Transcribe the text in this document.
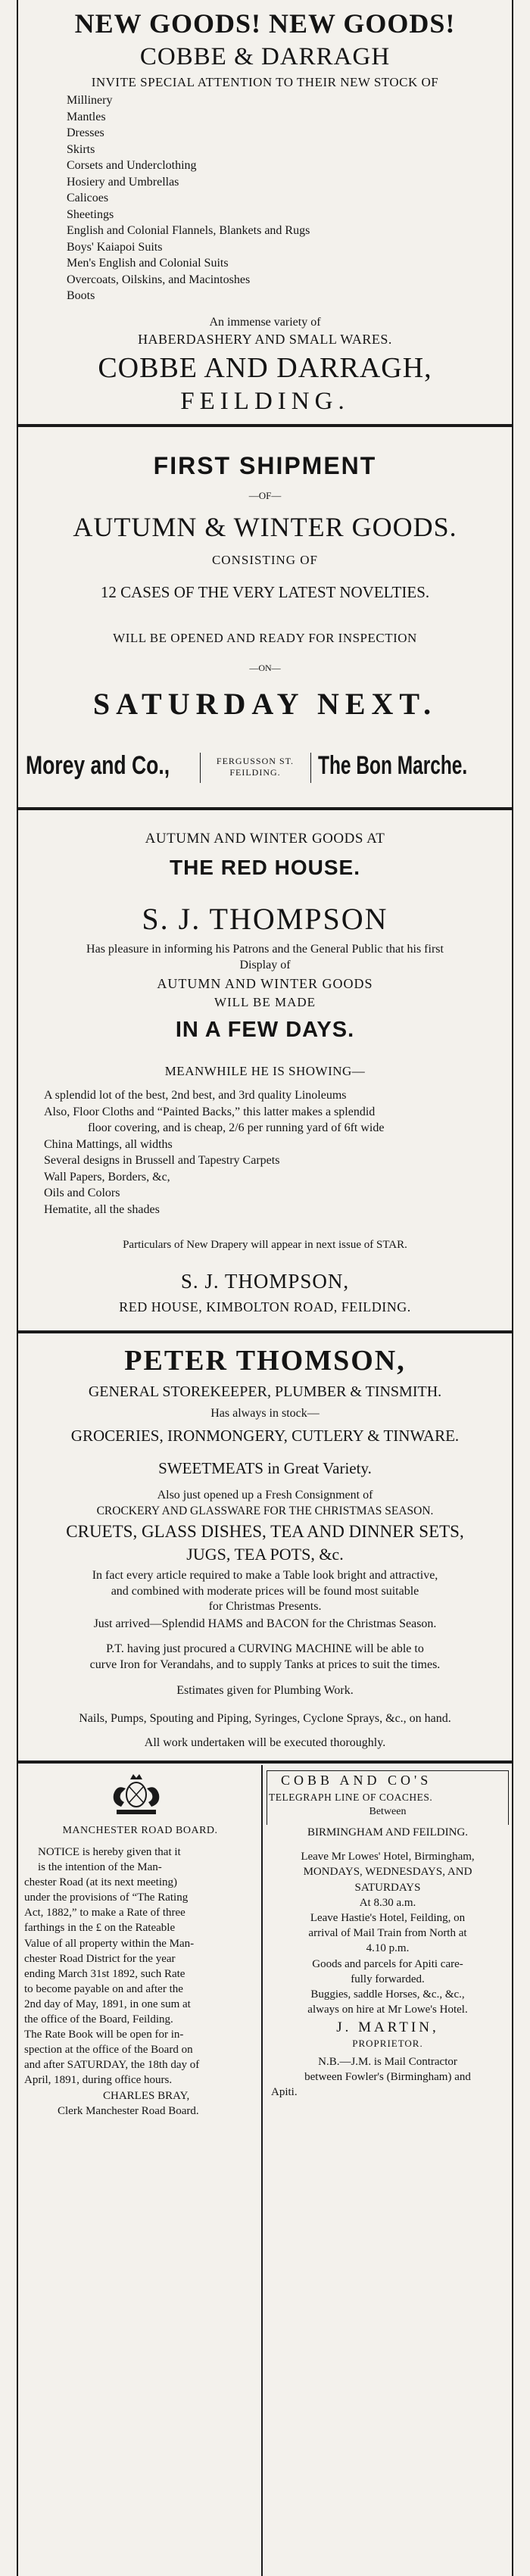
NEW GOODS! NEW GOODS!
COBBE & DARRAGH
INVITE SPECIAL ATTENTION TO THEIR NEW STOCK OF
Millinery
Mantles
Dresses
Skirts
Corsets and Underclothing
Hosiery and Umbrellas
Calicoes
Sheetings
English and Colonial Flannels, Blankets and Rugs
Boys' Kaiapoi Suits
Men's English and Colonial Suits
Overcoats, Oilskins, and Macintoshes
Boots
An immense variety of
HABERDASHERY AND SMALL WARES.
COBBE AND DARRAGH,
FEILDING.
FIRST SHIPMENT
—OF—
AUTUMN & WINTER GOODS.
CONSISTING OF
12 CASES OF THE VERY LATEST NOVELTIES.
WILL BE OPENED AND READY FOR INSPECTION
—ON—
SATURDAY NEXT.
Morey and Co.,	FERGUSSON ST.
FEILDING.	The Bon Marche.
AUTUMN AND WINTER GOODS AT
THE RED HOUSE.
S. J. THOMPSON
Has pleasure in informing his Patrons and the General Public that his first
Display of
AUTUMN AND WINTER GOODS
WILL BE MADE
IN A FEW DAYS.
MEANWHILE HE IS SHOWING—
A splendid lot of the best, 2nd best, and 3rd quality Linoleums
Also, Floor Cloths and “Painted Backs,” this latter makes a splendid
floor covering, and is cheap, 2/6 per running yard of 6ft wide
China Mattings, all widths
Several designs in Brussell and Tapestry Carpets
Wall Papers, Borders, &c,
Oils and Colors
Hematite, all the shades
Particulars of New Drapery will appear in next issue of STAR.
S. J. THOMPSON,
RED HOUSE, KIMBOLTON ROAD, FEILDING.
PETER THOMSON,
GENERAL STOREKEEPER, PLUMBER & TINSMITH.
Has always in stock—
GROCERIES, IRONMONGERY, CUTLERY & TINWARE.
SWEETMEATS in Great Variety.
Also just opened up a Fresh Consignment of
CROCKERY AND GLASSWARE FOR THE CHRISTMAS SEASON.
CRUETS, GLASS DISHES, TEA AND DINNER SETS,
JUGS, TEA POTS, &c.
In fact every article required to make a Table look bright and attractive,
and combined with moderate prices will be found most suitable
for Christmas Presents.
Just arrived—Splendid HAMS and BACON for the Christmas Season.
P.T. having just procured a CURVING MACHINE will be able to
curve Iron for Verandahs, and to supply Tanks at prices to suit the times.
Estimates given for Plumbing Work.
Nails, Pumps, Spouting and Piping, Syringes, Cyclone Sprays, &c., on hand.
All work undertaken will be executed thoroughly.
MANCHESTER ROAD BOARD.
NOTICE is hereby given that it
is the intention of the Man-
chester Road (at its next meeting)
under the provisions of “The Rating
Act, 1882,” to make a Rate of three
farthings in the £ on the Rateable
Value of all property within the Man-
chester Road District for the year
ending March 31st 1892, such Rate
to become payable on and after the
2nd day of May, 1891, in one sum at
the office of the Board, Feilding.
The Rate Book will be open for in-
spection at the office of the Board on
and after SATURDAY, the 18th day of
April, 1891, during office hours.
CHARLES BRAY,
Clerk Manchester Road Board.
COBB AND CO'S
TELEGRAPH LINE OF COACHES.
Between
BIRMINGHAM AND FEILDING.
Leave Mr Lowes' Hotel, Birmingham,
MONDAYS, WEDNESDAYS, AND
SATURDAYS
At 8.30 a.m.
Leave Hastie's Hotel, Feilding, on
arrival of Mail Train from North at
4.10 p.m.
Goods and parcels for Apiti care-
fully forwarded.
Buggies, saddle Horses, &c., &c.,
always on hire at Mr Lowe's Hotel.
J. MARTIN,
PROPRIETOR.
N.B.—J.M. is Mail Contractor
between Fowler's (Birmingham) and
Apiti.
